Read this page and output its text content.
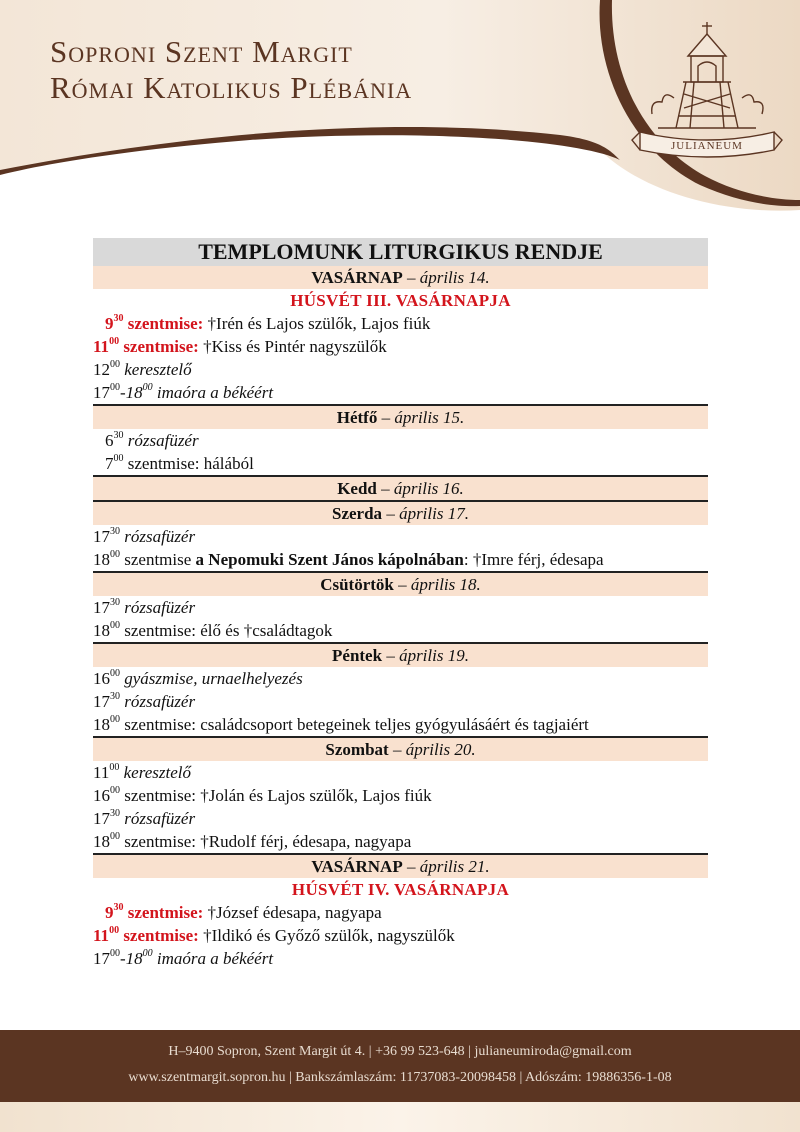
Soproni Szent Margit
Római Katolikus Plébánia
JULIANEUM
TEMPLOMUNK LITURGIKUS RENDJE
VASÁRNAP – április 14.
HÚSVÉT III. VASÁRNAPJA
$9^{30}$ szentmise: †Irén és Lajos szülők, Lajos fiúk
$11^{00}$ szentmise: †Kiss és Pintér nagyszülők
$12^{00}$ keresztelő
$17^{00}-18^{00}$ imaóra a békéért
Hétfő – április 15.
$6^{30}$ rózsafüzér
$7^{00}$ szentmise: hálából
Kedd – április 16.
Szerda – április 17.
$17^{30}$ rózsafüzér
$18^{00}$ szentmise a Nepomuki Szent János kápolnában: †Imre férj, édesapa
Csütörtök – április 18.
$17^{30}$ rózsafüzér
$18^{00}$ szentmise: élő és †családtagok
Péntek – április 19.
$16^{00}$ gyászmise, urnaelhelyezés
$17^{30}$ rózsafüzér
$18^{00}$ szentmise: családcsoport betegeinek teljes gyógyulásáért és tagjaiért
Szombat – április 20.
$11^{00}$ keresztelő
$16^{00}$ szentmise: †Jolán és Lajos szülők, Lajos fiúk
$17^{30}$ rózsafüzér
$18^{00}$ szentmise: †Rudolf férj, édesapa, nagyapa
VASÁRNAP – április 21.
HÚSVÉT IV. VASÁRNAPJA
$9^{30}$ szentmise: †József édesapa, nagyapa
$11^{00}$ szentmise: †Ildikó és Győző szülők, nagyszülők
$17^{00}-18^{00}$ imaóra a békéért
H–9400 Sopron, Szent Margit út 4. | +36 99 523-648 | julianeumiroda@gmail.com
www.szentmargit.sopron.hu | Bankszámlaszám: 11737083-20098458 | Adószám: 19886356-1-08
